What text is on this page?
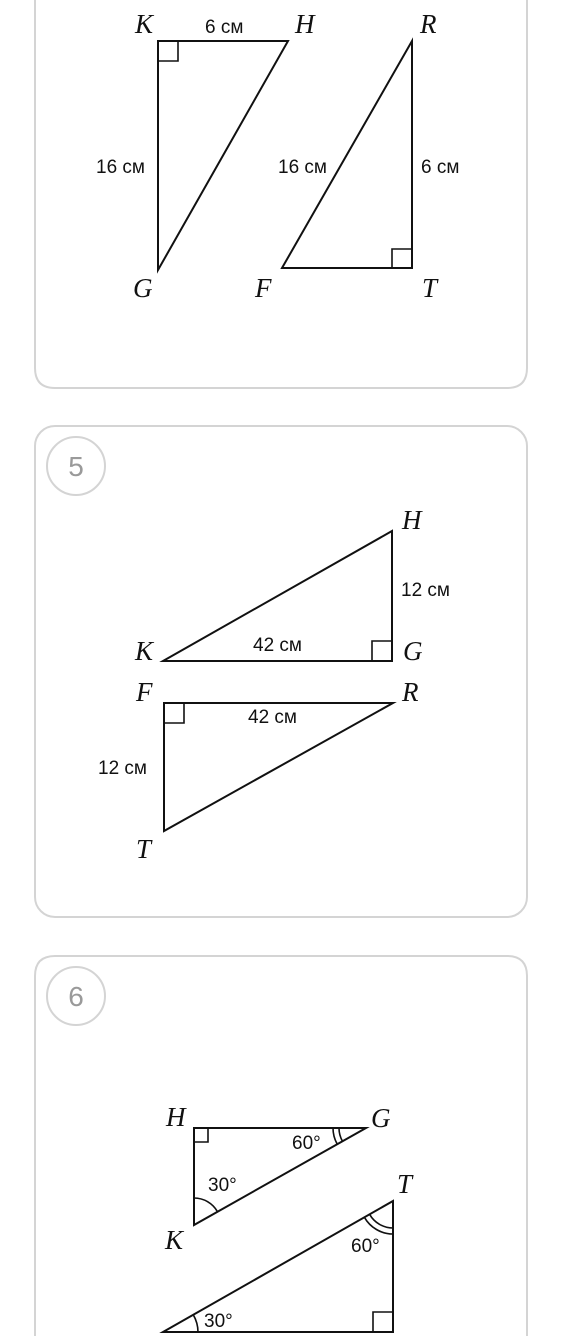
K	H
G
R
F	T
6 см
16 см	16 см	6 см
5
H
K	G
F	R
T
12 см
42 см
42 см
12 см
6
H	G
K
T
60°
30°
60°
30°
